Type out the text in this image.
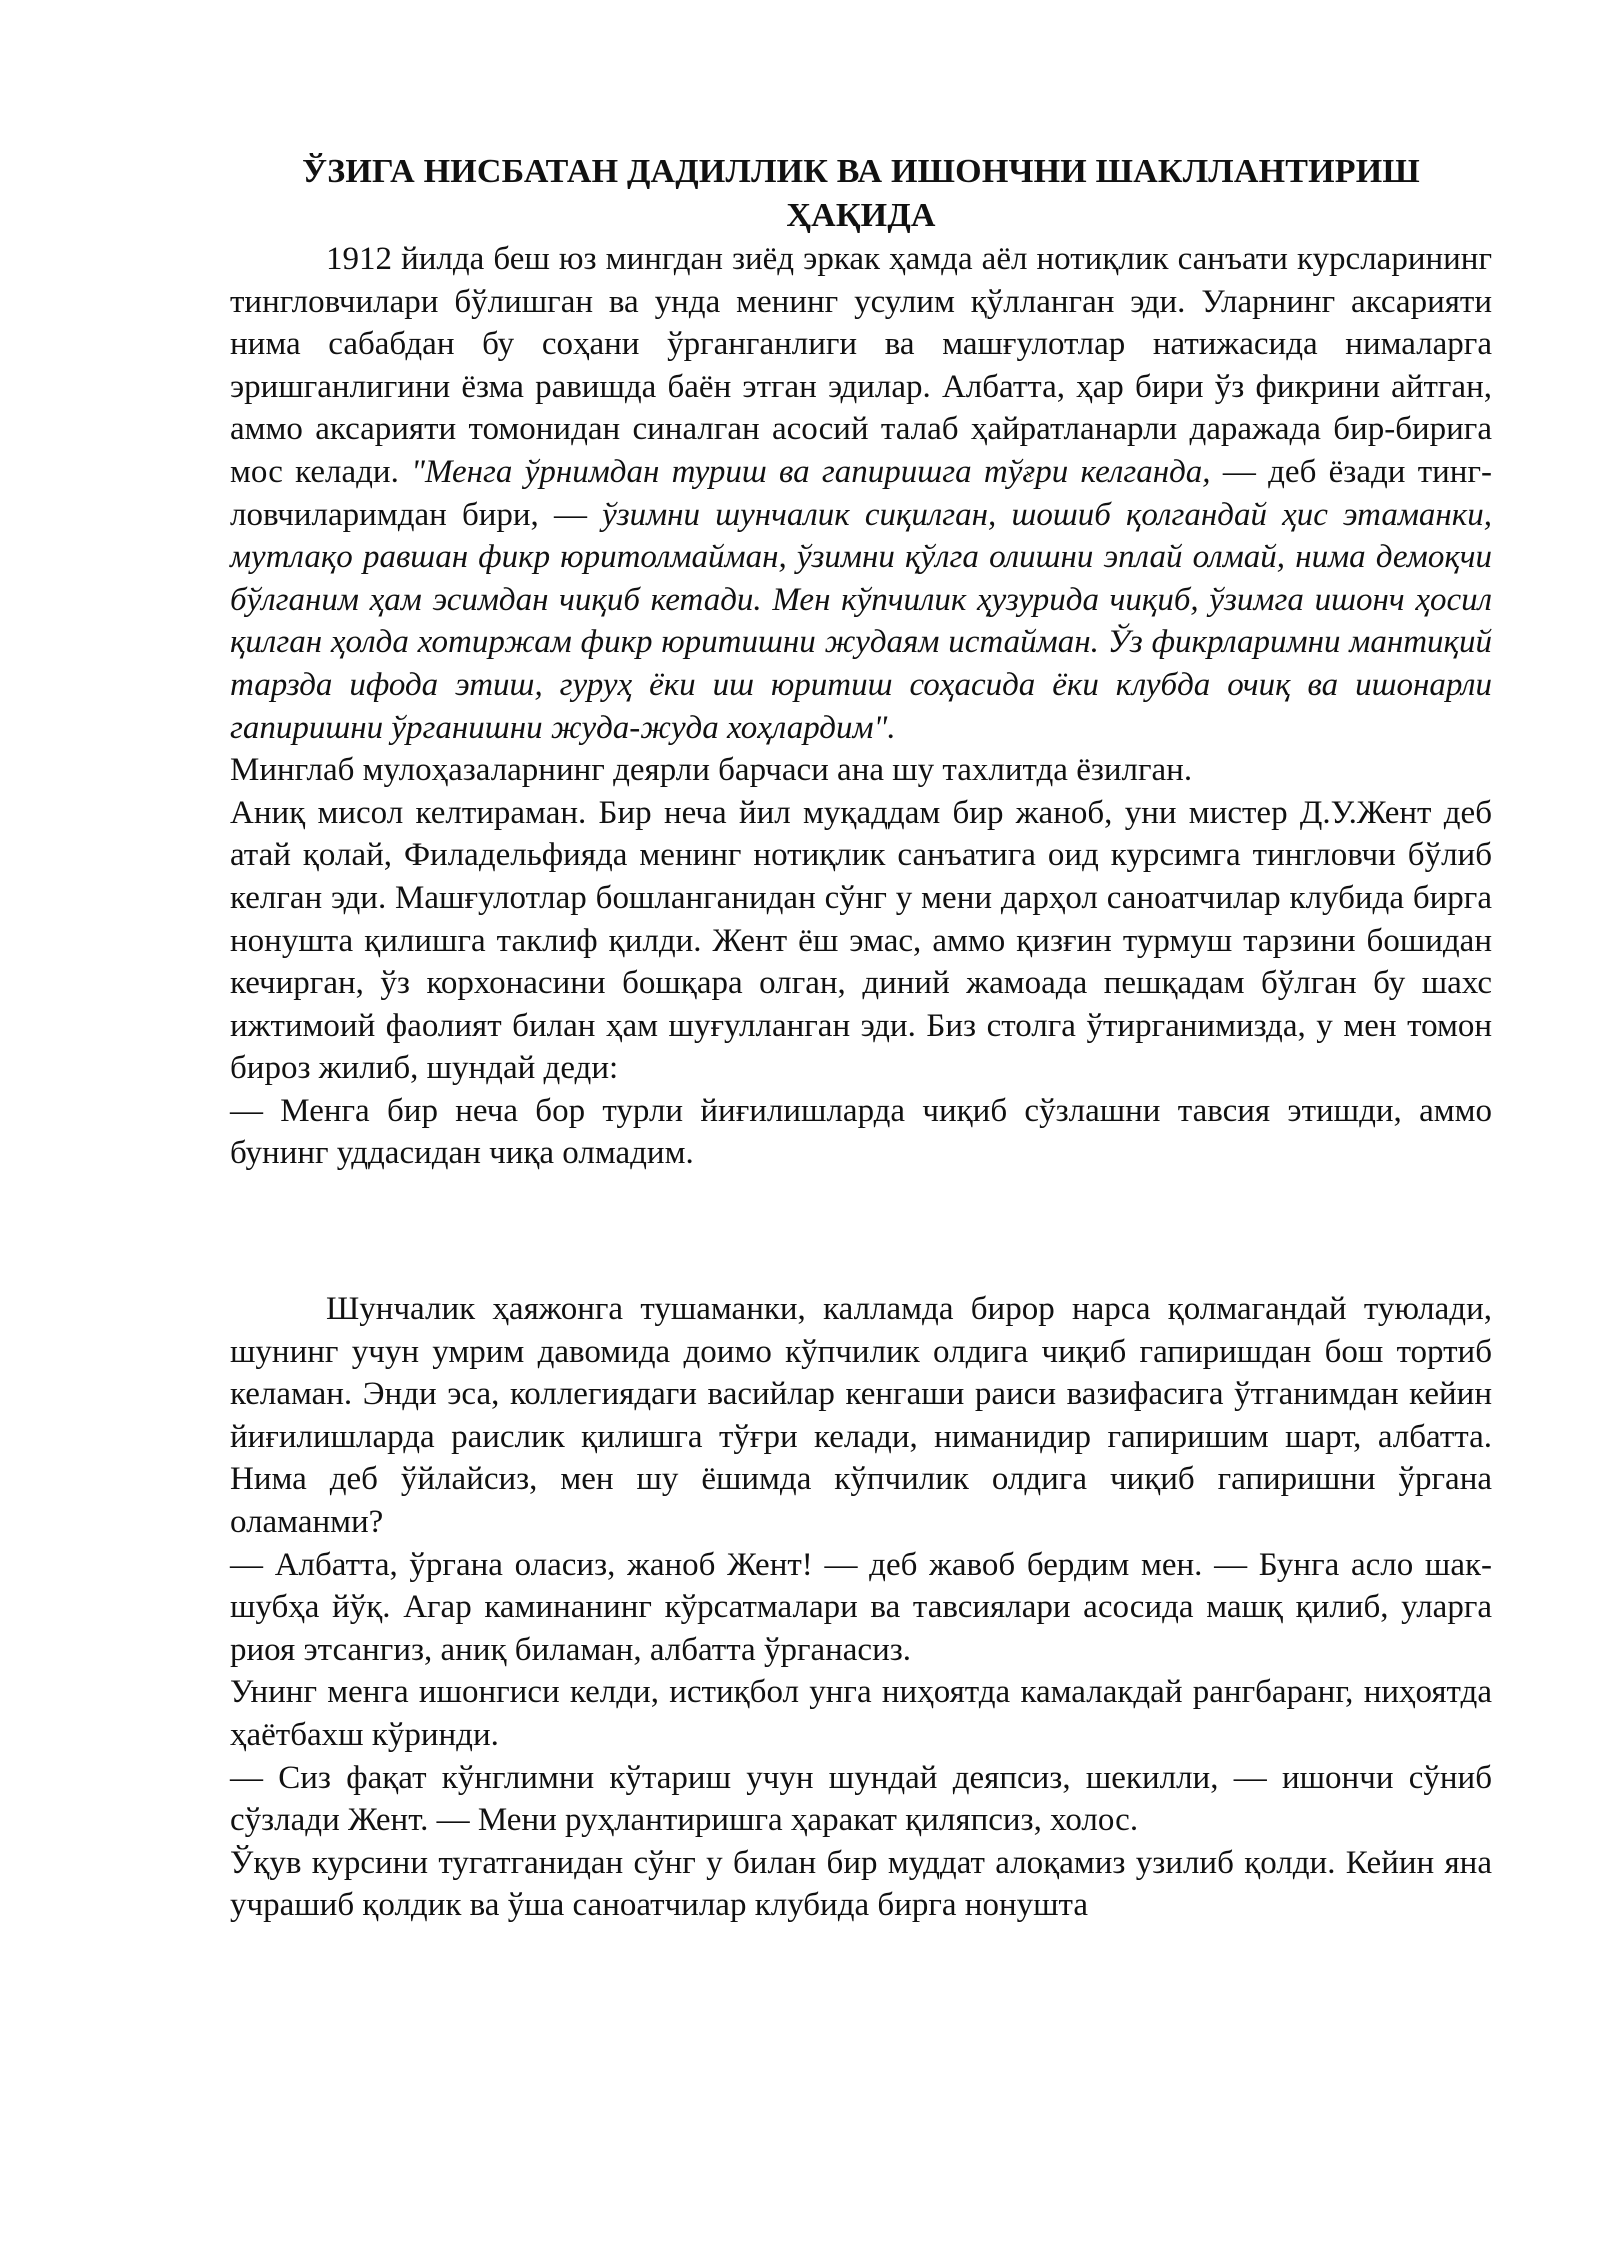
ЎЗИГА НИСБАТАН ДАДИЛЛИК ВА ИШОНЧНИ ШАКЛЛАНТИРИШ ҲАҚИДА

1912 йилда беш юз мингдан зиёд эркак ҳамда аёл нотиқлик санъати курсларининг тингловчилари бўлишган ва унда менинг усулим қўлланган эди. Уларнинг аксарияти нима сабабдан бу соҳани ўрганганлиги ва машғулотлар натижасида нималарга эришганлигини ёзма равишда баён этган эдилар. Албатта, ҳар бири ўз фикрини айтган, аммо аксарияти томонидан синалган асосий талаб ҳайратланарли даражада бир-бирига мос келади. "Менга ўрнимдан туриш ва гапиришга тўғри келганда, — деб ёзади тингловчиларимдан бири, — ўзимни шунчалик сиқилган, шошиб қолгандай ҳис этаманки, мутлақо равшан фикр юритолмайман, ўзимни қўлга олишни эплай олмай, нима демоқчи бўлганим ҳам эсимдан чиқиб кетади. Мен кўпчилик ҳузурида чиқиб, ўзимга ишонч ҳосил қилган ҳолда хотиржам фикр юритишни жудаям истайман. Ўз фикрларимни мантиқий тарзда ифода этиш, гуруҳ ёки иш юритиш соҳасида ёки клубда очиқ ва ишонарли гапиришни ўрганишни жуда-жуда хоҳлардим".

Минглаб мулоҳазаларнинг деярли барчаси ана шу тахлитда ёзилган.

Аниқ мисол келтираман. Бир неча йил муқаддам бир жаноб, уни мистер Д.У.Жент деб атай қолай, Филадельфияда менинг нотиқлик санъатига оид курсимга тингловчи бўлиб келган эди. Машғулотлар бошланганидан сўнг у мени дарҳол саноатчилар клубида бирга нонушта қилишга таклиф қилди. Жент ёш эмас, аммо қизғин турмуш тарзини бошидан кечирган, ўз корхонасини бошқара олган, диний жамоада пешқадам бўлган бу шахс ижтимоий фаолият билан ҳам шуғулланган эди. Биз столга ўтирганимизда, у мен томон бироз жилиб, шундай деди:

— Менга бир неча бор турли йиғилишларда чиқиб сўзлашни тавсия этишди, аммо бунинг уддасидан чиқа олмадим.

Шунчалик ҳаяжонга тушаманки, калламда бирор нарса қолмагандай туюлади, шунинг учун умрим давомида доимо кўпчилик олдига чиқиб гапиришдан бош тортиб келаман. Энди эса, коллегиядаги васийлар кенгаши раиси вазифасига ўтганимдан кейин йиғилишларда раислик қилишга тўғри келади, ниманидир гапиришим шарт, албатта. Нима деб ўйлайсиз, мен шу ёшимда кўпчилик олдига чиқиб гапиришни ўргана оламанми?

— Албатта, ўргана оласиз, жаноб Жент! — деб жавоб бердим мен. — Бунга асло шак-шубҳа йўқ. Агар каминанинг кўрсатмалари ва тавсиялари асосида машқ қилиб, уларга риоя этсангиз, аниқ биламан, албатта ўрганасиз.

Унинг менга ишонгиси келди, истиқбол унга ниҳоятда камалакдай рангбаранг, ниҳоятда ҳаётбахш кўринди.

— Сиз фақат кўнглимни кўтариш учун шундай деяпсиз, шекилли, — ишончи сўниб сўзлади Жент. — Мени руҳлантиришга ҳаракат қиляпсиз, холос.

Ўқув курсини тугатганидан сўнг у билан бир муддат алоқамиз узилиб қолди. Кейин яна учрашиб қолдик ва ўша саноатчилар клубида бирга нонушта
